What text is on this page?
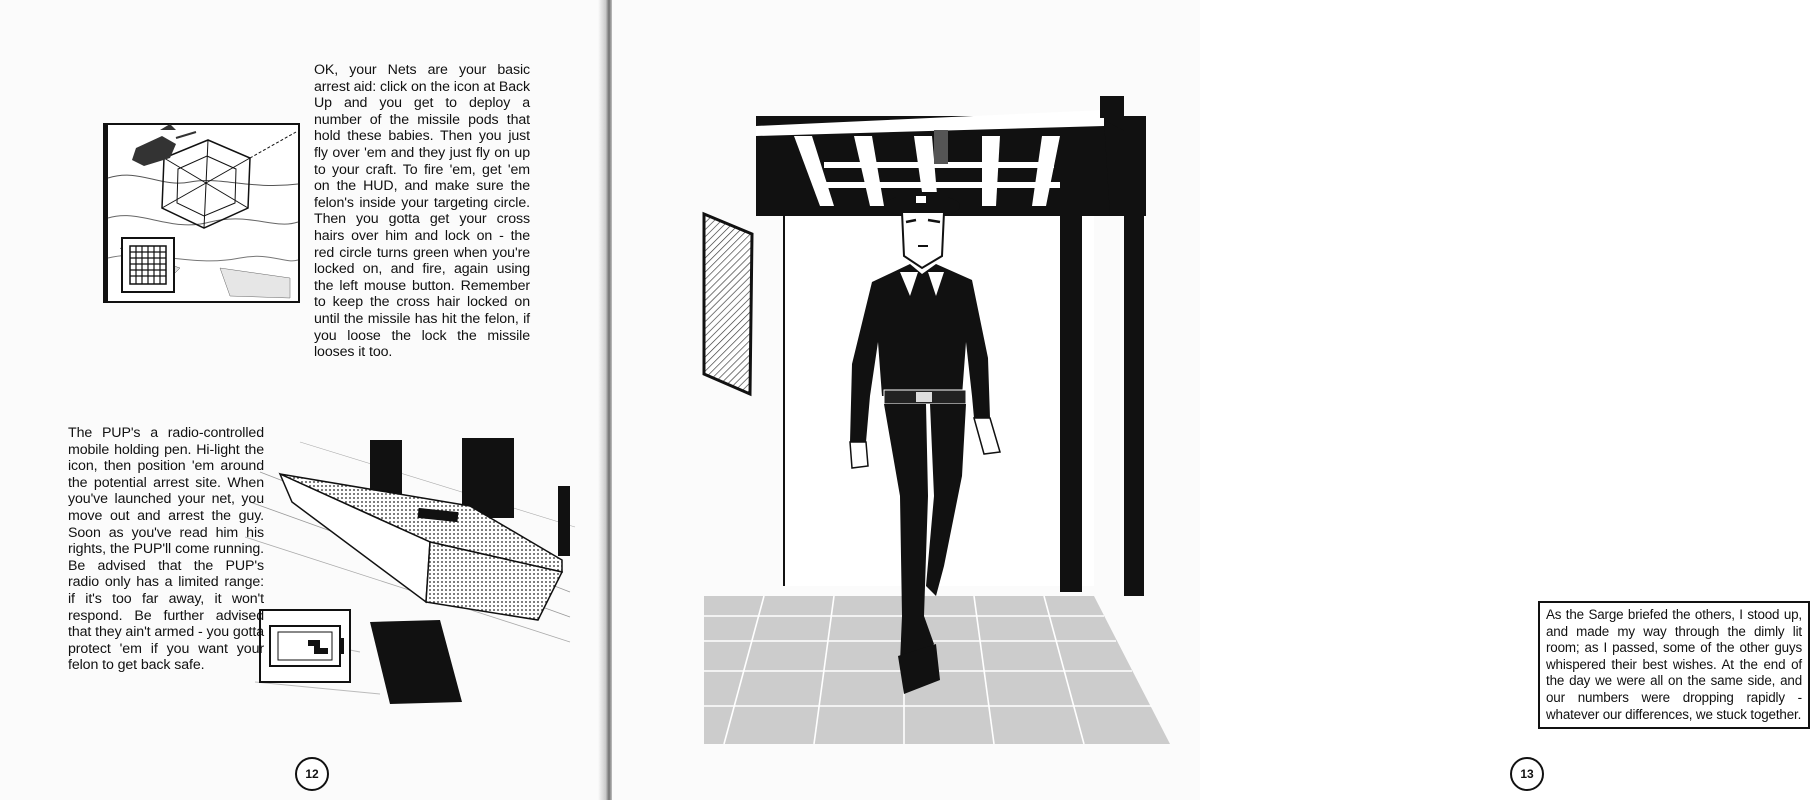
OK, your Nets are your basic arrest aid: click on the icon at Back Up and you get to deploy a number of the missile pods that hold these babies. Then you just fly over 'em and they just fly on up to your craft. To fire 'em, get 'em on the HUD, and make sure the felon's inside your targeting circle. Then you gotta get your cross hairs over him and lock on - the red circle turns green when you're locked on, and fire, again using the left mouse button. Remember to keep the cross hair locked on until the missile has hit the felon, if you loose the lock the missile looses it too.
The PUP's a radio-controlled mobile holding pen. Hi-light the icon, then position 'em around the potential arrest site. When you've launched your net, you move out and arrest the guy. Soon as you've read him his rights, the PUP'll come running. Be advised that the PUP's radio only has a limited range: if it's too far away, it won't respond. Be further advised that they ain't armed - you gotta protect 'em if you want your felon to get back safe.
12
As the Sarge briefed the others, I stood up, and made my way through the dimly lit room; as I passed, some of the other guys whispered their best wishes. At the end of the day we were all on the same side, and our numbers were dropping rapidly - whatever our differences, we stuck together.
13
